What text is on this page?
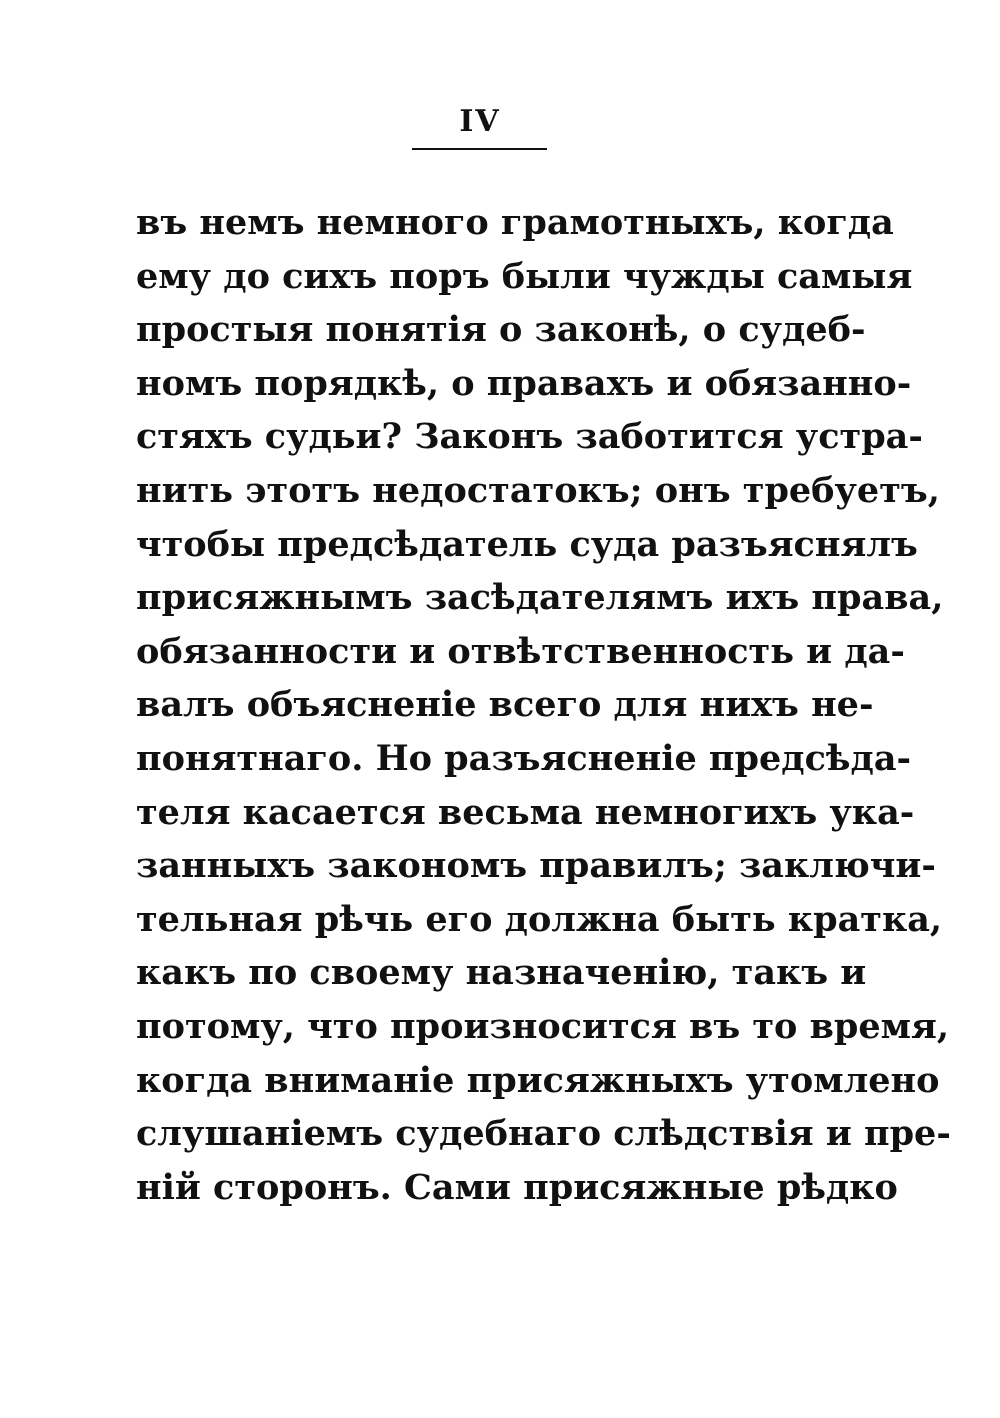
IV
въ немъ немного грамотныхъ, когда
ему до сихъ поръ были чужды самыя
простыя понятія о законѣ, о судеб-
номъ порядкѣ, о правахъ и обязанно-
стяхъ судьи? Законъ заботится устра-
нить этотъ недостатокъ; онъ требуетъ,
чтобы предсѣдатель суда разъяснялъ
присяжнымъ засѣдателямъ ихъ права,
обязанности и отвѣтственность и да-
валъ объясненіе всего для нихъ не-
понятнаго. Но разъясненіе предсѣда-
теля касается весьма немногихъ ука-
занныхъ закономъ правилъ; заключи-
тельная рѣчь его должна быть кратка,
какъ по своему назначенію, такъ и
потому, что произносится въ то время,
когда вниманіе присяжныхъ утомлено
слушаніемъ судебнаго слѣдствія и пре-
ній сторонъ. Сами присяжные рѣдко
